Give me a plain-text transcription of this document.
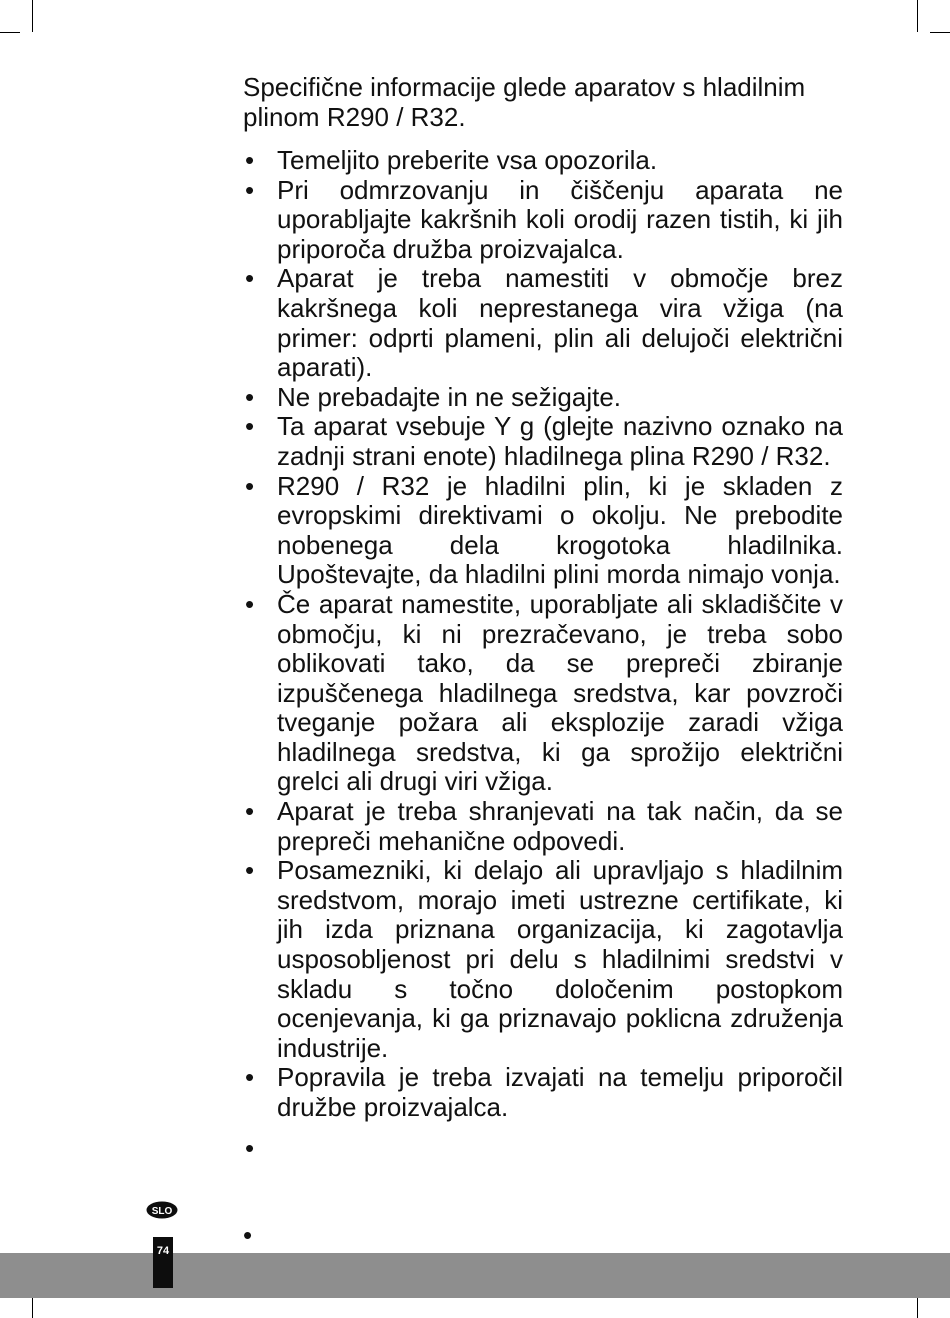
Specifične informacije glede aparatov s hladilnim plinom R290 / R32.

• Temeljito preberite vsa opozorila.
• Pri odmrzovanju in čiščenju aparata ne uporabljajte kakršnih koli orodij razen tistih, ki jih priporoča družba proizvajalca.
• Aparat je treba namestiti v območje brez kakršnega koli neprestanega vira vžiga (na primer: odprti plameni, plin ali delujoči električni aparati).
• Ne prebadajte in ne sežigajte.
• Ta aparat vsebuje Y g (glejte nazivno oznako na zadnji strani enote) hladilnega plina R290 / R32.
• R290 / R32 je hladilni plin, ki je skladen z evropskimi direktivami o okolju. Ne prebodite nobenega dela krogotoka hladilnika. Upoštevajte, da hladilni plini morda nimajo vonja.
• Če aparat namestite, uporabljate ali skladiščite v območju, ki ni prezračevano, je treba sobo oblikovati tako, da se prepreči zbiranje izpuščenega hladilnega sredstva, kar povzroči tveganje požara ali eksplozije zaradi vžiga hladilnega sredstva, ki ga sprožijo električni grelci ali drugi viri vžiga.
• Aparat je treba shranjevati na tak način, da se prepreči mehanične odpovedi.
• Posamezniki, ki delajo ali upravljajo s hladilnim sredstvom, morajo imeti ustrezne certifikate, ki jih izda priznana organizacija, ki zagotavlja usposobljenost pri delu s hladilnimi sredstvi v skladu s točno določenim postopkom ocenjevanja, ki ga priznavajo poklicna združenja industrije.
• Popravila je treba izvajati na temelju priporočil družbe proizvajalca.
•
•
SLO
74
